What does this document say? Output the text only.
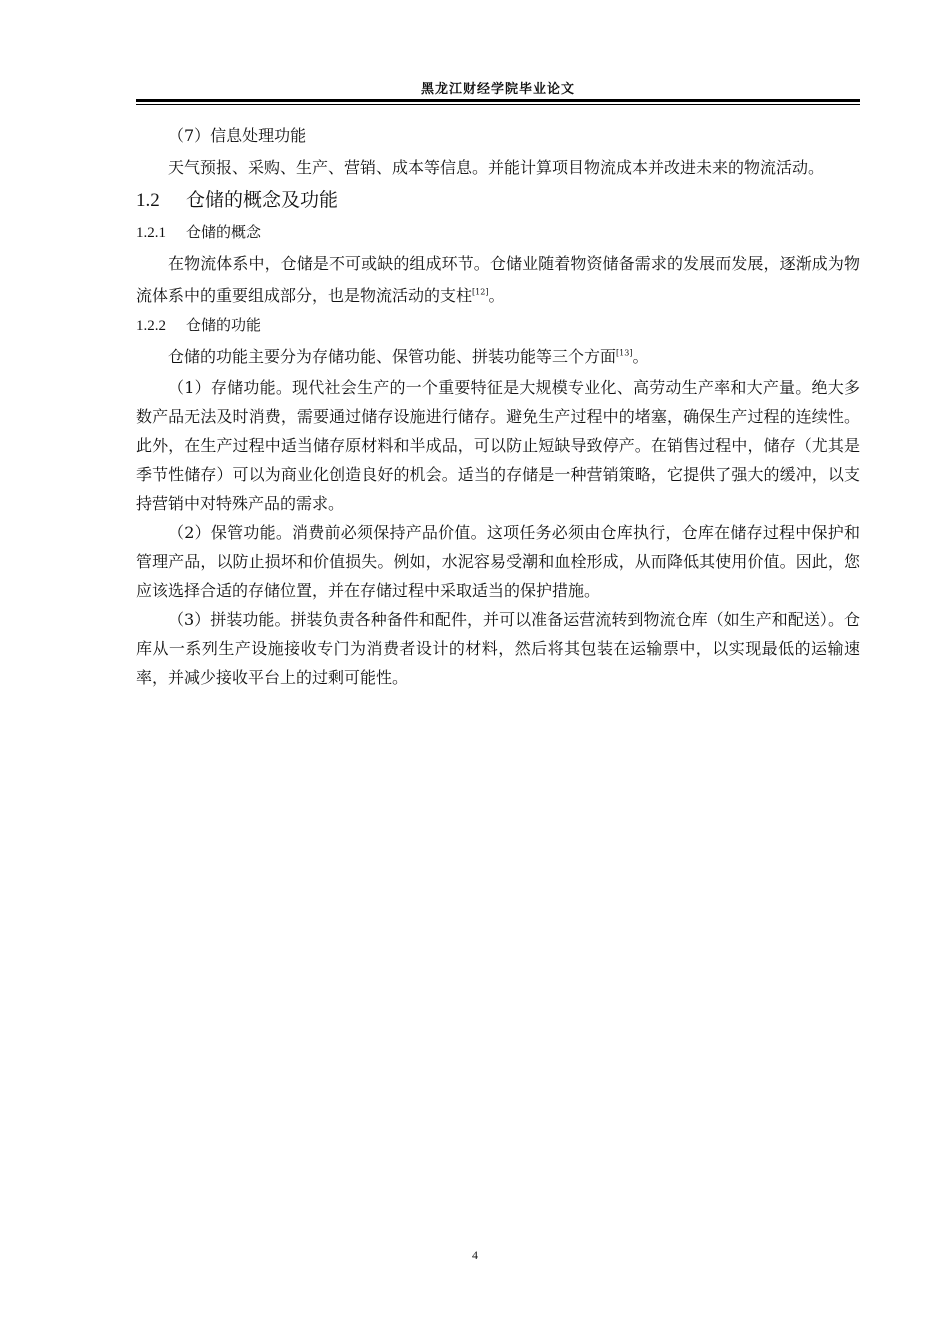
黑龙江财经学院毕业论文

（7）信息处理功能

天气预报、采购、生产、营销、成本等信息。并能计算项目物流成本并改进未来的物流活动。

1.2 仓储的概念及功能
1.2.1 仓储的概念

在物流体系中，仓储是不可或缺的组成环节。仓储业随着物资储备需求的发展而发展，逐渐成为物流体系中的重要组成部分，也是物流活动的支柱[12]。

1.2.2 仓储的功能

仓储的功能主要分为存储功能、保管功能、拼装功能等三个方面[13]。

（1）存储功能。现代社会生产的一个重要特征是大规模专业化、高劳动生产率和大产量。绝大多数产品无法及时消费，需要通过储存设施进行储存。避免生产过程中的堵塞，确保生产过程的连续性。此外，在生产过程中适当储存原材料和半成品，可以防止短缺导致停产。在销售过程中，储存（尤其是季节性储存）可以为商业化创造良好的机会。适当的存储是一种营销策略，它提供了强大的缓冲，以支持营销中对特殊产品的需求。

（2）保管功能。消费前必须保持产品价值。这项任务必须由仓库执行，仓库在储存过程中保护和管理产品，以防止损坏和价值损失。例如，水泥容易受潮和血栓形成，从而降低其使用价值。因此，您应该选择合适的存储位置，并在存储过程中采取适当的保护措施。

（3）拼装功能。拼装负责各种备件和配件，并可以准备运营流转到物流仓库（如生产和配送）。仓库从一系列生产设施接收专门为消费者设计的材料，然后将其包装在运输票中，以实现最低的运输速率，并减少接收平台上的过剩可能性。

4
